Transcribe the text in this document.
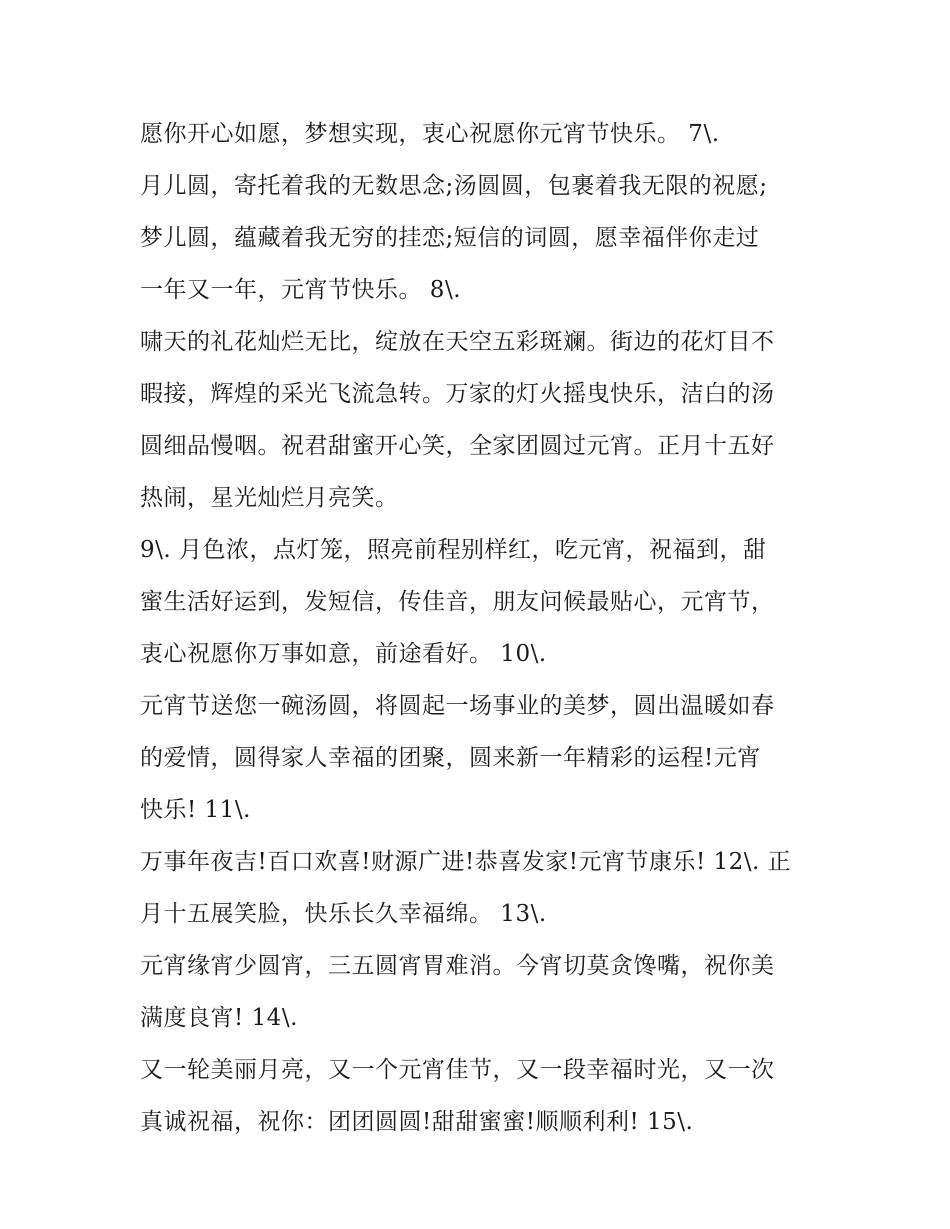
愿你开心如愿，梦想实现，衷心祝愿你元宵节快乐。 7\.
月儿圆，寄托着我的无数思念;汤圆圆，包裹着我无限的祝愿;
梦儿圆，蕴藏着我无穷的挂恋;短信的词圆，愿幸福伴你走过
一年又一年，元宵节快乐。 8\.
啸天的礼花灿烂无比，绽放在天空五彩斑斓。街边的花灯目不
暇接，辉煌的采光飞流急转。万家的灯火摇曳快乐，洁白的汤
圆细品慢咽。祝君甜蜜开心笑，全家团圆过元宵。正月十五好
热闹，星光灿烂月亮笑。
9\. 月色浓，点灯笼，照亮前程别样红，吃元宵，祝福到，甜
蜜生活好运到，发短信，传佳音，朋友问候最贴心，元宵节，
衷心祝愿你万事如意，前途看好。 10\.
元宵节送您一碗汤圆，将圆起一场事业的美梦，圆出温暖如春
的爱情，圆得家人幸福的团聚，圆来新一年精彩的运程!元宵
快乐! 11\.
万事年夜吉!百口欢喜!财源广进!恭喜发家!元宵节康乐! 12\. 正
月十五展笑脸，快乐长久幸福绵。 13\.
元宵缘宵少圆宵，三五圆宵胃难消。今宵切莫贪馋嘴，祝你美
满度良宵! 14\.
又一轮美丽月亮，又一个元宵佳节，又一段幸福时光，又一次
真诚祝福，祝你：团团圆圆!甜甜蜜蜜!顺顺利利! 15\.
